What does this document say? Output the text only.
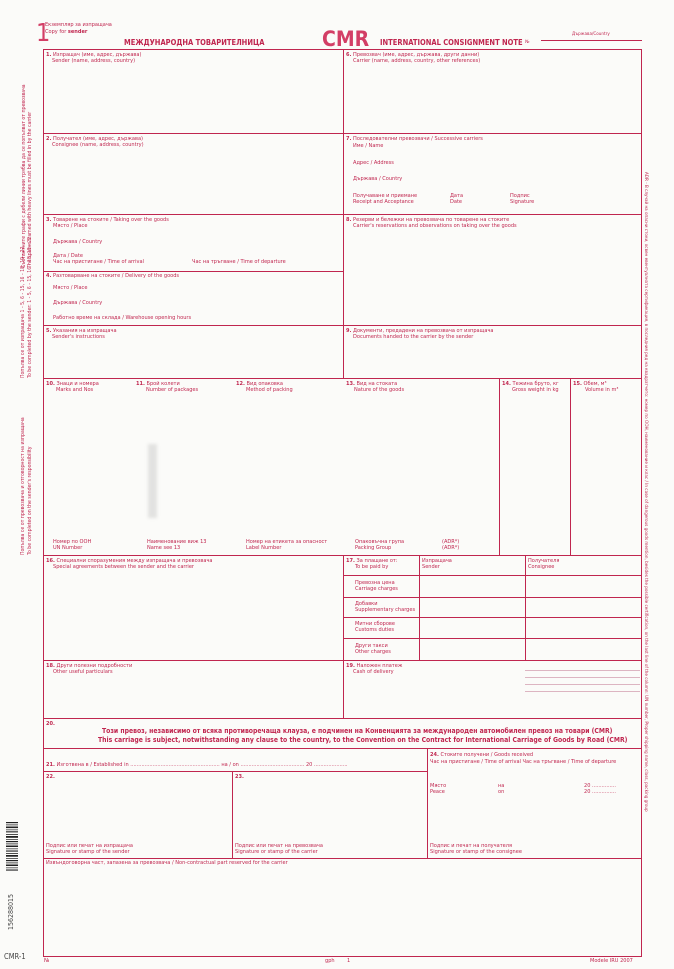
1
Екземпляр за изпращача
Copy for sender
МЕЖДУНАРОДНА ТОВАРИТЕЛНИЦА	CMR INTERNATIONAL CONSIGNMENT NOTE №
Държава/Country
Съответните графи с дебели линии трябва да се попълват от превозвача The spaces framed with heavy lines must be filled in by the carrier
Попълва се от изпращача 1 - 5, 6 - 15, 16 - 18, 19 - 22 To be completed by the sender: 1 - 5, 6 - 15, 16 - 18, 19 - 22
Попълва се от превозвача и отговорност на изпращача To be completed on the sender's responsibility	ADR - В случай на опасни стоки, освен евентуалната сертификация, в последния ред на квадратчето: номер по ООН, наименование и клас / In case of dangerous goods mention, besides the possible certification, on the last line of the column: UN number, Proper shipping name, class, packing group
1. Изпращач (име, адрес, държава)
Sender (name, address, country)
6. Превозвач (име, адрес, държава, други данни)
Carrier (name, address, country, other references)
2. Получател (име, адрес, държава)
Consignee (name, address, country)
7. Последователни превозвачи / Successive carriers
Име / Name
Адрес / Address
Държава / Country
Получаване и приемане
Receipt and Acceptance
Дата
Date
Подпис
Signature
3. Товарене на стоките / Taking over the goods
Място / Place
Държава / Country
Дата / Date
Час на пристигане / Time of arrival	Час на тръгване / Time of departure
8. Резерви и бележки на превозвача по товарене на стоките
Carrier's reservations and observations on taking over the goods
4. Разтоварване на стоките / Delivery of the goods
Място / Place
Държава / Country
Работно време на склада / Warehouse opening hours
5. Указания на изпращача
Sender's instructions
9. Документи, предадени на превозвача от изпращача
Documents handed to the carrier by the sender
10. Знаци и номера
Marks and Nos
11. Брой колети
Number of packages
12. Вид опаковка
Method of packing
13. Вид на стоката
Nature of the goods
14. Тежина бруто, кг
Gross weight in kg
15. Обем, м³
Volume in m³
Номер по ООН
UN Number
Наименование виж 13
Name see 13
Номер на етикета за опасност
Label Number
Опаковъчна група
Packing Group
(ADR*)
(ADR*)
16. Специални споразумения между изпращача и превозвача
Special agreements between the sender and the carrier
17. За плащане от:
To be paid by
Изпращача
Sender
Получателя
Consignee
Превозна цена
Carriage charges
Добавки
Supplementary charges
Митни сборове
Customs duties
Други такси
Other charges
18. Други полезни подробности
Other useful particulars
19. Наложен платеж
Cash of delivery
20.
Този превоз, независимо от всяка противоречаща клауза, е подчинен на Конвенцията за международен автомобилен превоз на товари (CMR)
This carriage is subject, notwithstanding any clause to the country, to the Convention on the Contract for International Carriage of Goods by Road (CMR)
21. Изготвена в / Established in ........................................................ на / on ........................................ 20 .....................
24. Стоките получени / Goods received
Час на пристигане / Time of arrival Час на тръгване / Time of departure
Място
Peace
на
on
20 ...............
20 ...............
22.	23.
Подпис или печат на изпращача
Signature or stamp of the sender
Подпис или печат на превозвача
Signature or stamp of the carrier
Подпис и печат на получателя
Signature or stamp of the consignee
Извъндоговорна част, запазена за превозвача / Non-contractual part reserved for the carrier
№	gph 1	Modele IRU 2007
CMR-1
156288015
